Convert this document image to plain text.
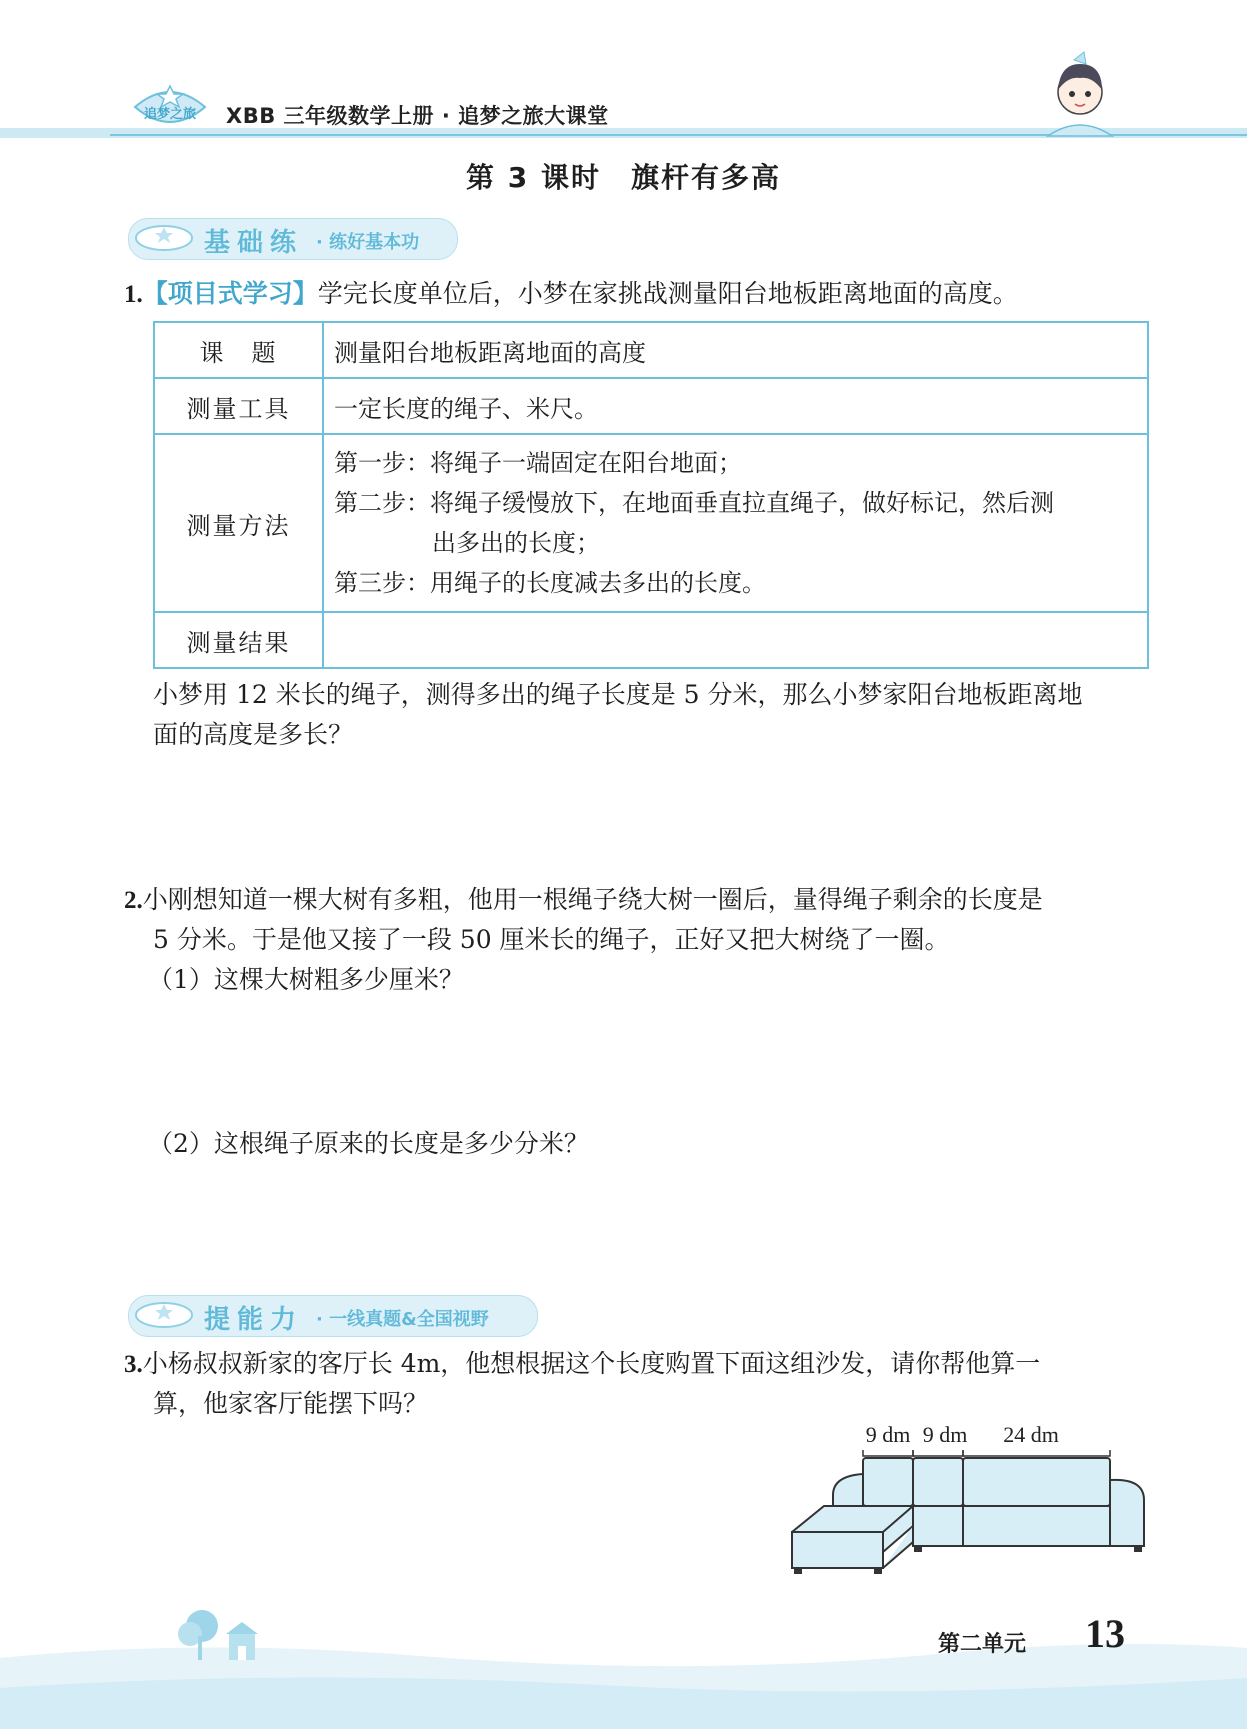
追梦之旅 XBB 三年级数学上册 · 追梦之旅大课堂
第 3 课时　旗杆有多高
基础练 · 练好基本功
1.【项目式学习】学完长度单位后，小梦在家挑战测量阳台地板距离地面的高度。
课　题	测量阳台地板距离地面的高度
测量工具	一定长度的绳子、米尺。
测量方法	第一步：将绳子一端固定在阳台地面；
第二步：将绳子缓慢放下，在地面垂直拉直绳子，做好标记，然后测
出多出的长度；
第三步：用绳子的长度减去多出的长度。

测量结果	
小梦用 12 米长的绳子，测得多出的绳子长度是 5 分米，那么小梦家阳台地板距离地
面的高度是多长？
2.小刚想知道一棵大树有多粗，他用一根绳子绕大树一圈后，量得绳子剩余的长度是
5 分米。于是他又接了一段 50 厘米长的绳子，正好又把大树绕了一圈。
（1）这棵大树粗多少厘米？
（2）这根绳子原来的长度是多少分米？
提能力 · 一线真题&全国视野
3.小杨叔叔新家的客厅长 4m，他想根据这个长度购置下面这组沙发，请你帮他算一
算，他家客厅能摆下吗？
9 dm 9 dm 24 dm
第二单元 13
